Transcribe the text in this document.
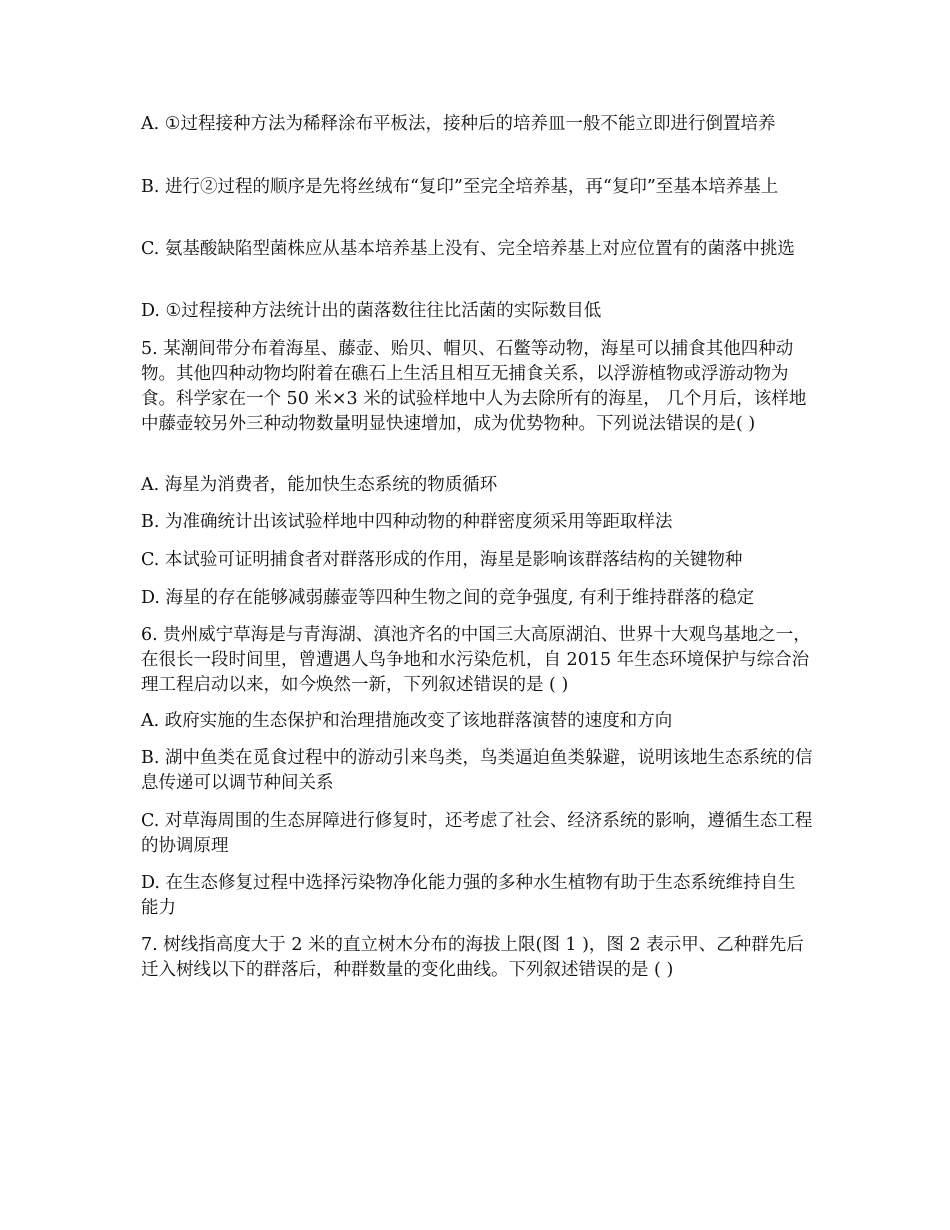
A. ①过程接种方法为稀释涂布平板法，接种后的培养皿一般不能立即进行倒置培养

B. 进行②过程的顺序是先将丝绒布“复印”至完全培养基，再“复印”至基本培养基上

C. 氨基酸缺陷型菌株应从基本培养基上没有、完全培养基上对应位置有的菌落中挑选

D. ①过程接种方法统计出的菌落数往往比活菌的实际数目低

5. 某潮间带分布着海星、藤壶、贻贝、帽贝、石鳖等动物，海星可以捕食其他四种动物。其他四种动物均附着在礁石上生活且相互无捕食关系，以浮游植物或浮游动物为食。科学家在一个 50 米×3 米的试验样地中人为去除所有的海星， 几个月后，该样地中藤壶较另外三种动物数量明显快速增加，成为优势物种。下列说法错误的是( )

A. 海星为消费者，能加快生态系统的物质循环

B. 为准确统计出该试验样地中四种动物的种群密度须采用等距取样法

C. 本试验可证明捕食者对群落形成的作用，海星是影响该群落结构的关键物种

D. 海星的存在能够减弱藤壶等四种生物之间的竞争强度, 有利于维持群落的稳定

6. 贵州威宁草海是与青海湖、滇池齐名的中国三大高原湖泊、世界十大观鸟基地之一，在很长一段时间里，曾遭遇人鸟争地和水污染危机，自 2015 年生态环境保护与综合治理工程启动以来，如今焕然一新，下列叙述错误的是 ( )

A. 政府实施的生态保护和治理措施改变了该地群落演替的速度和方向

B. 湖中鱼类在觅食过程中的游动引来鸟类，鸟类逼迫鱼类躲避，说明该地生态系统的信息传递可以调节种间关系

C. 对草海周围的生态屏障进行修复时，还考虑了社会、经济系统的影响，遵循生态工程的协调原理

D. 在生态修复过程中选择污染物净化能力强的多种水生植物有助于生态系统维持自生能力

7. 树线指高度大于 2 米的直立树木分布的海拔上限(图 1 )，图 2 表示甲、乙种群先后迁入树线以下的群落后，种群数量的变化曲线。下列叙述错误的是 ( )
